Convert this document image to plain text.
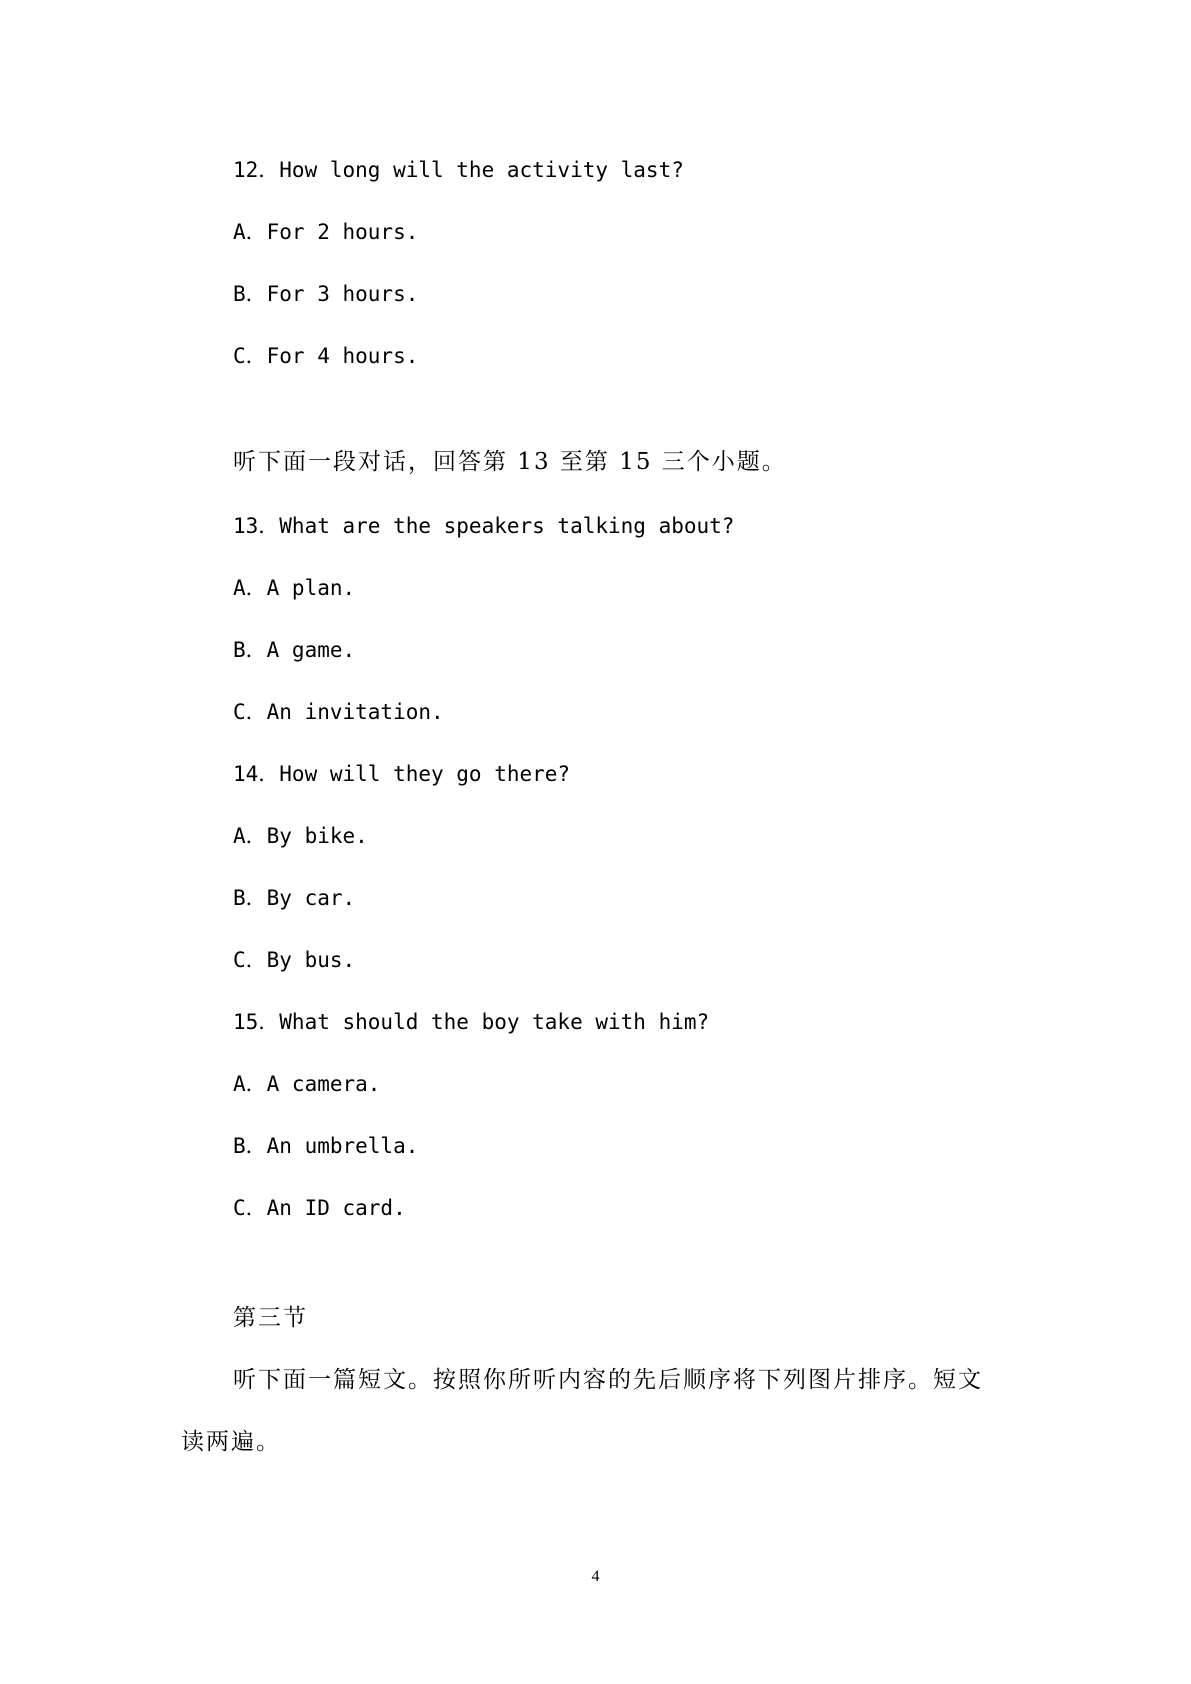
12．How long will the activity last?
A．For 2 hours.
B．For 3 hours.
C．For 4 hours.
听下面一段对话，回答第 13 至第 15 三个小题。
13．What are the speakers talking about?
A．A plan.
B．A game.
C．An invitation.
14．How will they go there?
A．By bike.
B．By car.
C．By bus.
15．What should the boy take with him?
A．A camera.
B．An umbrella.
C．An ID card.
第三节
听下面一篇短文。按照你所听内容的先后顺序将下列图片排序。短文
读两遍。
4
